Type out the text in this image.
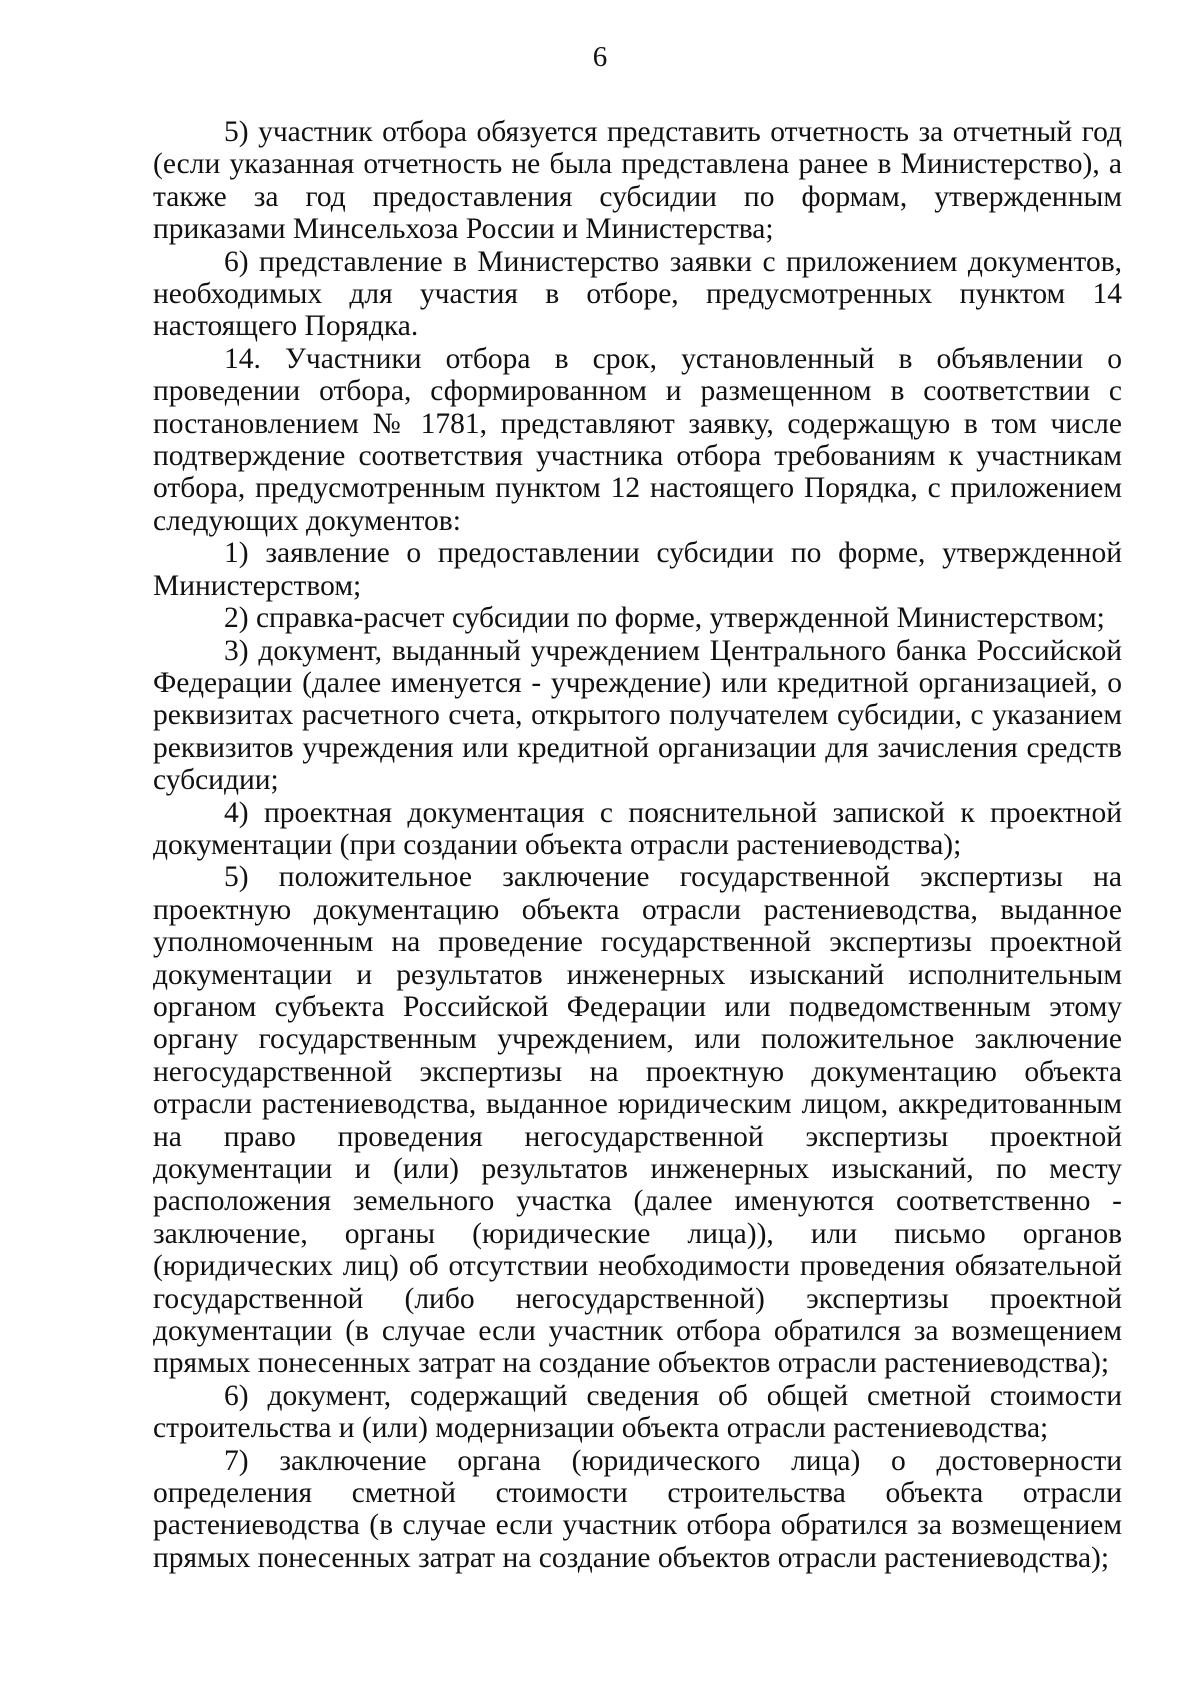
6

5) участник отбора обязуется представить отчетность за отчетный год (если указанная отчетность не была представлена ранее в Министерство), а также за год предоставления субсидии по формам, утвержденным приказами Минсельхоза России и Министерства;

6) представление в Министерство заявки с приложением документов, необходимых для участия в отборе, предусмотренных пунктом 14 настоящего Порядка.

14. Участники отбора в срок, установленный в объявлении о проведении отбора, сформированном и размещенном в соответствии с постановлением № 1781, представляют заявку, содержащую в том числе подтверждение соответствия участника отбора требованиям к участникам отбора, предусмотренным пунктом 12 настоящего Порядка, с приложением следующих документов:

1) заявление о предоставлении субсидии по форме, утвержденной Министерством;

2) справка-расчет субсидии по форме, утвержденной Министерством;

3) документ, выданный учреждением Центрального банка Российской Федерации (далее именуется - учреждение) или кредитной организацией, о реквизитах расчетного счета, открытого получателем субсидии, с указанием реквизитов учреждения или кредитной организации для зачисления средств субсидии;

4) проектная документация с пояснительной запиской к проектной документации (при создании объекта отрасли растениеводства);

5) положительное заключение государственной экспертизы на проектную документацию объекта отрасли растениеводства, выданное уполномоченным на проведение государственной экспертизы проектной документации и результатов инженерных изысканий исполнительным органом субъекта Российской Федерации или подведомственным этому органу государственным учреждением, или положительное заключение негосударственной экспертизы на проектную документацию объекта отрасли растениеводства, выданное юридическим лицом, аккредитованным на право проведения негосударственной экспертизы проектной документации и (или) результатов инженерных изысканий, по месту расположения земельного участка (далее именуются соответственно - заключение, органы (юридические лица)), или письмо органов (юридических лиц) об отсутствии необходимости проведения обязательной государственной (либо негосударственной) экспертизы проектной документации (в случае если участник отбора обратился за возмещением прямых понесенных затрат на создание объектов отрасли растениеводства);

6) документ, содержащий сведения об общей сметной стоимости строительства и (или) модернизации объекта отрасли растениеводства;

7) заключение органа (юридического лица) о достоверности определения сметной стоимости строительства объекта отрасли растениеводства (в случае если участник отбора обратился за возмещением прямых понесенных затрат на создание объектов отрасли растениеводства);
